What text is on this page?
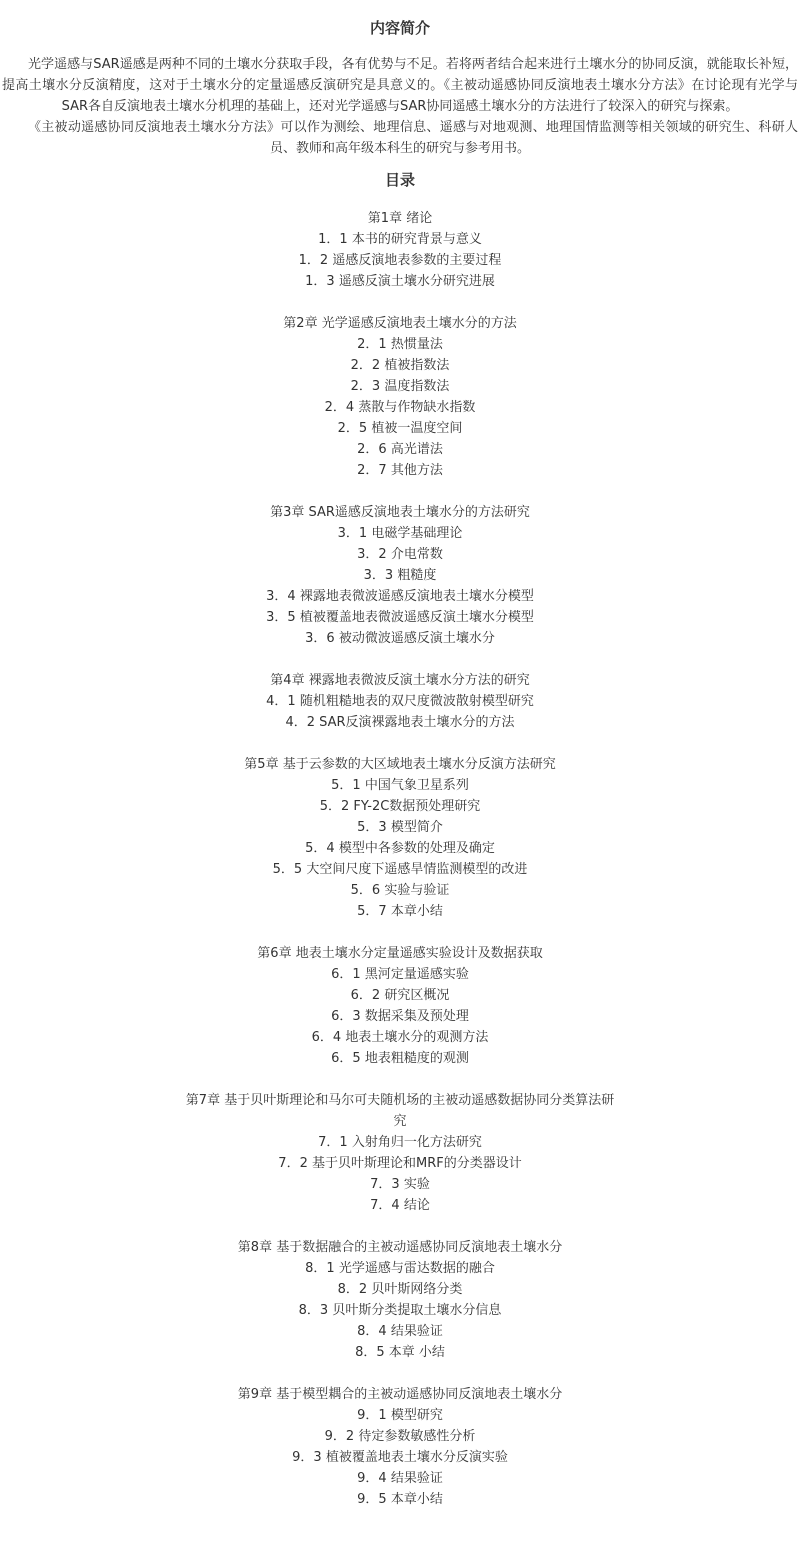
内容简介

光学遥感与SAR遥感是两种不同的土壤水分获取手段，各有优势与不足。若将两者结合起来进行土壤水分的协同反演，就能取长补短，提高土壤水分反演精度，这对于土壤水分的定量遥感反演研究是具意义的。《主被动遥感协同反演地表土壤水分方法》在讨论现有光学与SAR各自反演地表土壤水分机理的基础上，还对光学遥感与SAR协同遥感土壤水分的方法进行了较深入的研究与探索。

《主被动遥感协同反演地表土壤水分方法》可以作为测绘、地理信息、遥感与对地观测、地理国情监测等相关领域的研究生、科研人员、教师和高年级本科生的研究与参考用书。

目录
第1章 绪论
1．1 本书的研究背景与意义
1．2 遥感反演地表参数的主要过程
1．3 遥感反演土壤水分研究进展
第2章 光学遥感反演地表土壤水分的方法
2．1 热惯量法
2．2 植被指数法
2．3 温度指数法
2．4 蒸散与作物缺水指数
2．5 植被一温度空间
2．6 高光谱法
2．7 其他方法
第3章 SAR遥感反演地表土壤水分的方法研究
3．1 电磁学基础理论
3．2 介电常数
3．3 粗糙度
3．4 裸露地表微波遥感反演地表土壤水分模型
3．5 植被覆盖地表微波遥感反演土壤水分模型
3．6 被动微波遥感反演土壤水分
第4章 裸露地表微波反演土壤水分方法的研究
4．1 随机粗糙地表的双尺度微波散射模型研究
4．2 SAR反演裸露地表土壤水分的方法
第5章 基于云参数的大区域地表土壤水分反演方法研究
5．1 中国气象卫星系列
5．2 FY-2C数据预处理研究
5．3 模型简介
5．4 模型中各参数的处理及确定
5．5 大空间尺度下遥感旱情监测模型的改进
5．6 实验与验证
5．7 本章小结
第6章 地表土壤水分定量遥感实验设计及数据获取
6．1 黑河定量遥感实验
6．2 研究区概况
6．3 数据采集及预处理
6．4 地表土壤水分的观测方法
6．5 地表粗糙度的观测
第7章 基于贝叶斯理论和马尔可夫随机场的主被动遥感数据协同分类算法研究
7．1 入射角归一化方法研究
7．2 基于贝叶斯理论和MRF的分类器设计
7．3 实验
7．4 结论
第8章 基于数据融合的主被动遥感协同反演地表土壤水分
8．1 光学遥感与雷达数据的融合
8．2 贝叶斯网络分类
8．3 贝叶斯分类提取土壤水分信息
8．4 结果验证
8．5 本章 小结
第9章 基于模型耦合的主被动遥感协同反演地表土壤水分
9．1 模型研究
9．2 待定参数敏感性分析
9．3 植被覆盖地表土壤水分反演实验
9．4 结果验证
9．5 本章小结
